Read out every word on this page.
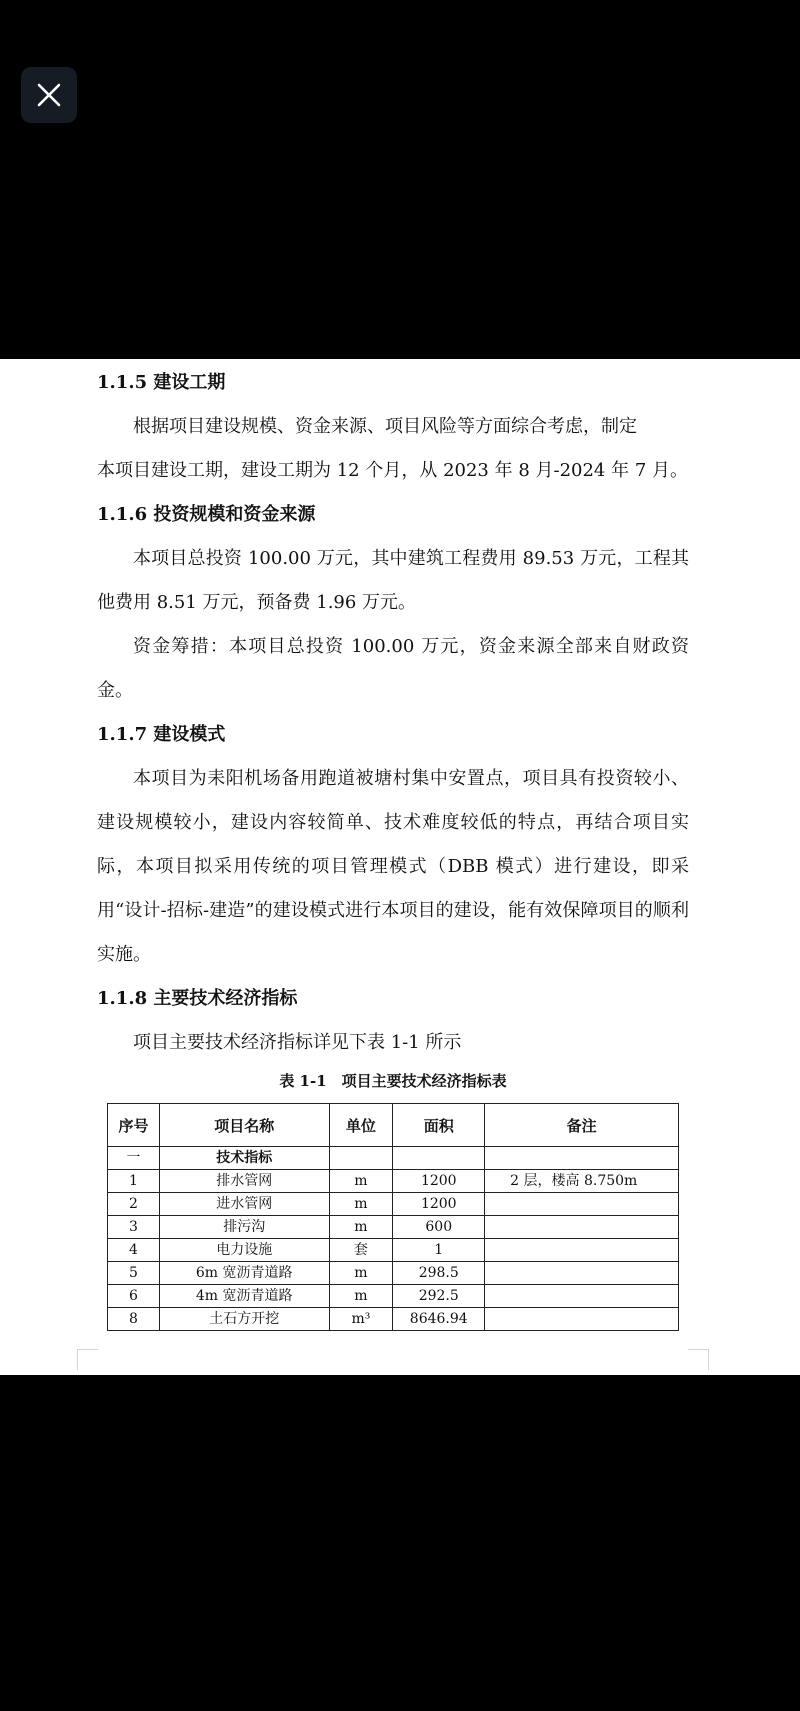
1.1.5 建设工期
根据项目建设规模、资金来源、项目风险等方面综合考虑，制定
本项目建设工期，建设工期为 12 个月，从 2023 年 8 月-2024 年 7 月。
1.1.6 投资规模和资金来源
本项目总投资 100.00 万元，其中建筑工程费用 89.53 万元，工程其他费用 8.51 万元，预备费 1.96 万元。
资金筹措：本项目总投资 100.00 万元，资金来源全部来自财政资金。
1.1.7 建设模式
本项目为耒阳机场备用跑道被塘村集中安置点，项目具有投资较小、建设规模较小，建设内容较简单、技术难度较低的特点，再结合项目实际，本项目拟采用传统的项目管理模式（DBB 模式）进行建设，即采用“设计-招标-建造”的建设模式进行本项目的建设，能有效保障项目的顺利实施。
1.1.8 主要技术经济指标
项目主要技术经济指标详见下表 1-1 所示
表 1-1　项目主要技术经济指标表
序号	项目名称	单位	面积	备注
一	技术指标			
1	排水管网	m	1200	2 层，楼高 8.750m
2	进水管网	m	1200	
3	排污沟	m	600	
4	电力设施	套	1	
5	6m 宽沥青道路	m	298.5	
6	4m 宽沥青道路	m	292.5	
8	土石方开挖	m³	8646.94	
